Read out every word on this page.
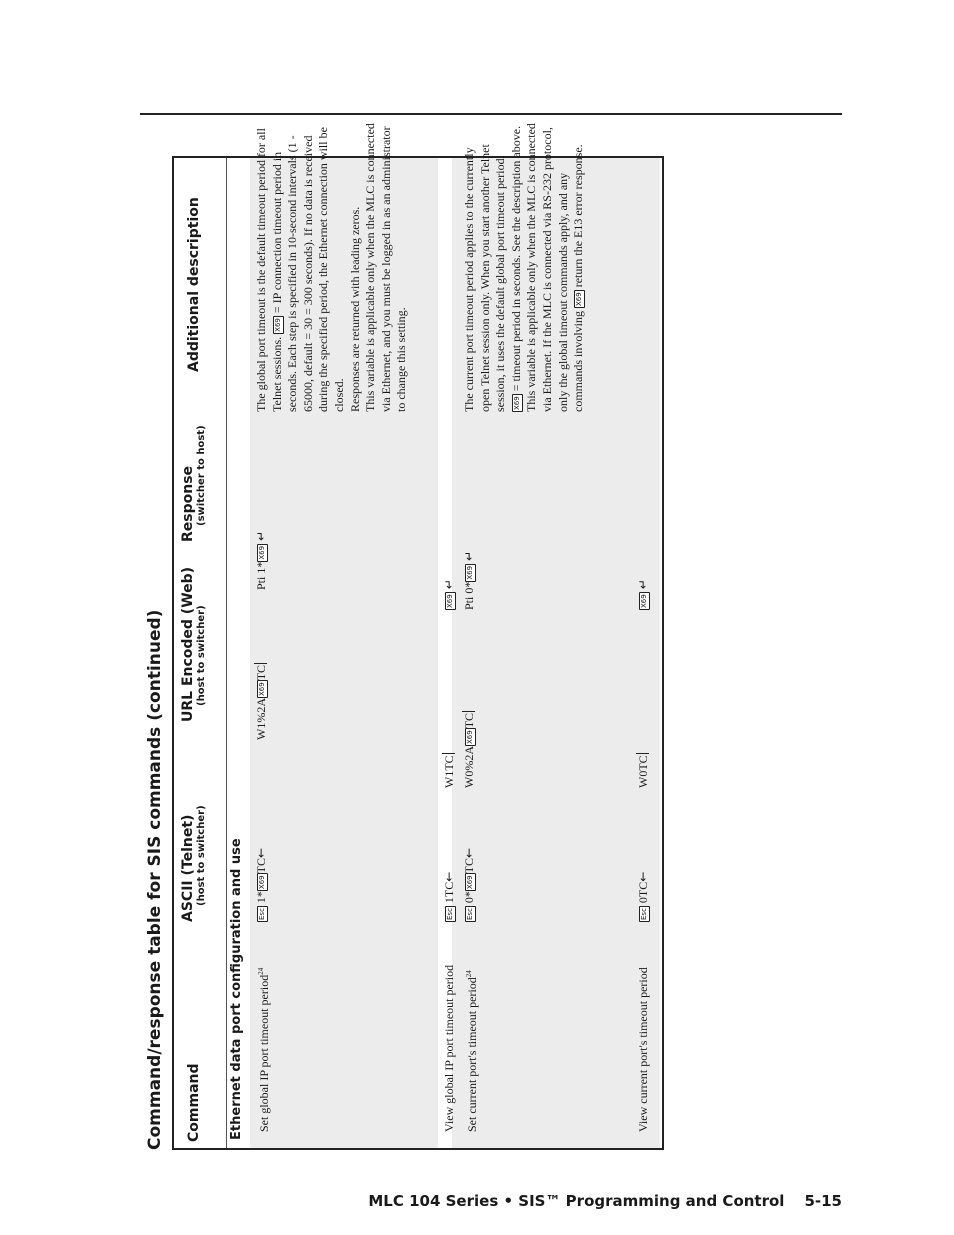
Command/response table for SIS commands (continued)	Command
ASCII (Telnet) (host to switcher)
URL Encoded (Web) (host to switcher)
Response (switcher to host)
Additional description
Ethernet data port configuration and use Set global IP port timeout period$^{24}$
Esc 1*X69TC←
W1%2AX69TC
Pti 1*X69 ↵

The global port timeout is the default timeout period for all Telnet sessions. X69 = IP connection timeout period in seconds. Each step is specified in 10-second intervals (1 - 65000, default = 30 = 300 seconds). If no data is received during the specified period, the Ethernet connection will be closed. Responses are returned with leading zeros. This variable is applicable only when the MLC is connected via Ethernet, and you must be logged in as an administrator to change this setting.

View global IP port timeout period
Esc 1TC←
W1TC
X69 ↵
Set current port's timeout period$^{24}$
Esc 0*X69TC←
W0%2AX69TC
Pti 0*X69 ↵

The current port timeout period applies to the currently open Telnet session only. When you start another Telnet session, it uses the default global port timeout period. X69 = timeout period in seconds. See the description above. This variable is applicable only when the MLC is connected via Ethernet. If the MLC is connected via RS-232 protocol, only the global timeout commands apply, and any commands involving X69 return the E13 error response.

View current port's timeout period
Esc 0TC←
W0TC
X69 ↵
MLC 104 Series • SIS™ Programming and Control 5-15
